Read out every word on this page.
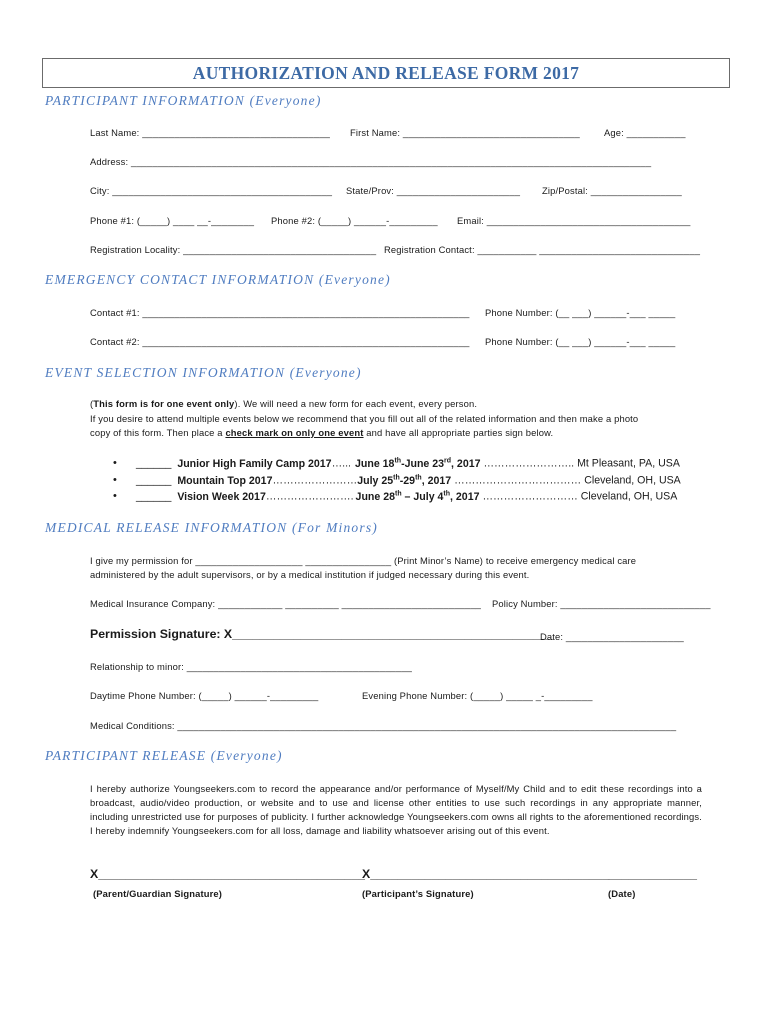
AUTHORIZATION AND RELEASE FORM 2017
PARTICIPANT INFORMATION (Everyone)
Last Name: ___________________________________ First Name: _________________________________	Age: ___________
Address: _________________________________________________________________________________________________
City: _________________________________________ State/Prov: _______________________ Zip/Postal: _________________
Phone #1: (_____) ____ __-________ Phone #2: (_____) ______-_________ Email: ______________________________________
Registration Locality: ____________________________________ Registration Contact: ___________ ______________________________
EMERGENCY CONTACT INFORMATION (Everyone)
Contact #1: _____________________________________________________________ Phone Number: (__ ___) ______-___ _____
Contact #2: _____________________________________________________________ Phone Number: (__ ___) ______-___ _____
EVENT SELECTION INFORMATION (Everyone)
(This form is for one event only). We will need a new form for each event, every person.
If you desire to attend multiple events below we recommend that you fill out all of the related information and then make a photo
copy of this form. Then place a check mark on only one event and have all appropriate parties sign below.
• ______ Junior High Family Camp 2017…... June 18th-June 23rd, 2017 …………………….. Mt Pleasant, PA, USA
• ______ Mountain Top 2017……………………July 25th-29th, 2017 ……………………………… Cleveland, OH, USA
• ______ Vision Week 2017……………………. June 28th – July 4th, 2017 ……………………… Cleveland, OH, USA
MEDICAL RELEASE INFORMATION (For Minors)
I give my permission for ____________________ ________________ (Print Minor’s Name) to receive emergency medical care
administered by the adult supervisors, or by a medical institution if judged necessary during this event.
Medical Insurance Company: ____________ __________ __________________________ Policy Number: ____________________________
Permission Signature: X_______________________________________________
Date: ______________________
Relationship to minor: __________________________________________
Daytime Phone Number: (_____) ______-_________	Evening Phone Number: (_____) _____ _-_________
Medical Conditions: _____________________________________________________________________________________________
PARTICIPANT RELEASE (Everyone)
I hereby authorize Youngseekers.com to record the appearance and/or performance of Myself/My Child and to edit these recordings into a broadcast, audio/video production, or website and to use and license other entities to use such recordings in any appropriate manner, including unrestricted use for purposes of publicity. I further acknowledge Youngseekers.com owns all rights to the aforementioned recordings. I hereby indemnify Youngseekers.com for all loss, damage and liability whatsoever arising out of this event.
X_______________________________________
X___________________________________
_____________
(Parent/Guardian Signature)	(Participant’s Signature)	(Date)
